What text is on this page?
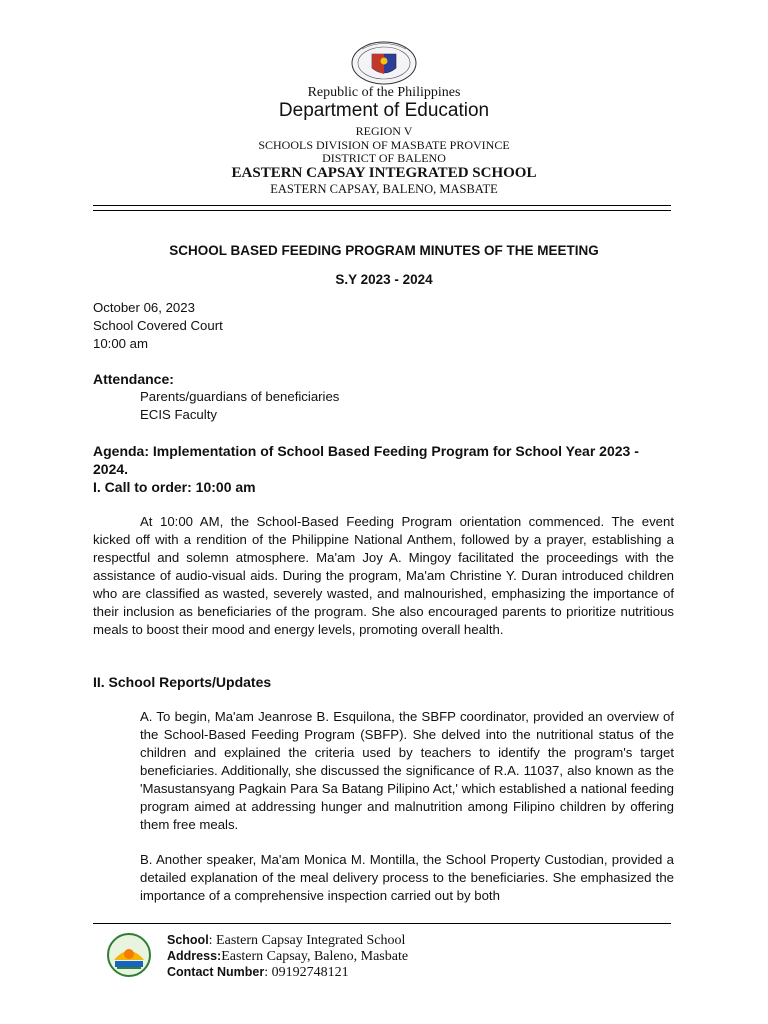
Republic of the Philippines
Department of Education
REGION V
SCHOOLS DIVISION OF MASBATE PROVINCE
DISTRICT OF BALENO
EASTERN CAPSAY INTEGRATED SCHOOL
EASTERN CAPSAY, BALENO, MASBATE
SCHOOL BASED FEEDING PROGRAM MINUTES OF THE MEETING
S.Y 2023 - 2024
October 06, 2023
School Covered Court
10:00 am
Attendance:
Parents/guardians of beneficiaries
ECIS Faculty
Agenda: Implementation of School Based Feeding Program for School Year 2023 - 2024.
I. Call to order: 10:00 am
At 10:00 AM, the School-Based Feeding Program orientation commenced. The event kicked off with a rendition of the Philippine National Anthem, followed by a prayer, establishing a respectful and solemn atmosphere. Ma'am Joy A. Mingoy facilitated the proceedings with the assistance of audio-visual aids. During the program, Ma'am Christine Y. Duran introduced children who are classified as wasted, severely wasted, and malnourished, emphasizing the importance of their inclusion as beneficiaries of the program. She also encouraged parents to prioritize nutritious meals to boost their mood and energy levels, promoting overall health.
II. School Reports/Updates
A. To begin, Ma'am Jeanrose B. Esquilona, the SBFP coordinator, provided an overview of the School-Based Feeding Program (SBFP). She delved into the nutritional status of the children and explained the criteria used by teachers to identify the program's target beneficiaries. Additionally, she discussed the significance of R.A. 11037, also known as the 'Masustansyang Pagkain Para Sa Batang Pilipino Act,' which established a national feeding program aimed at addressing hunger and malnutrition among Filipino children by offering them free meals.
B. Another speaker, Ma'am Monica M. Montilla, the School Property Custodian, provided a detailed explanation of the meal delivery process to the beneficiaries. She emphasized the importance of a comprehensive inspection carried out by both
School: Eastern Capsay Integrated School
Address:Eastern Capsay, Baleno, Masbate
Contact Number: 09192748121
